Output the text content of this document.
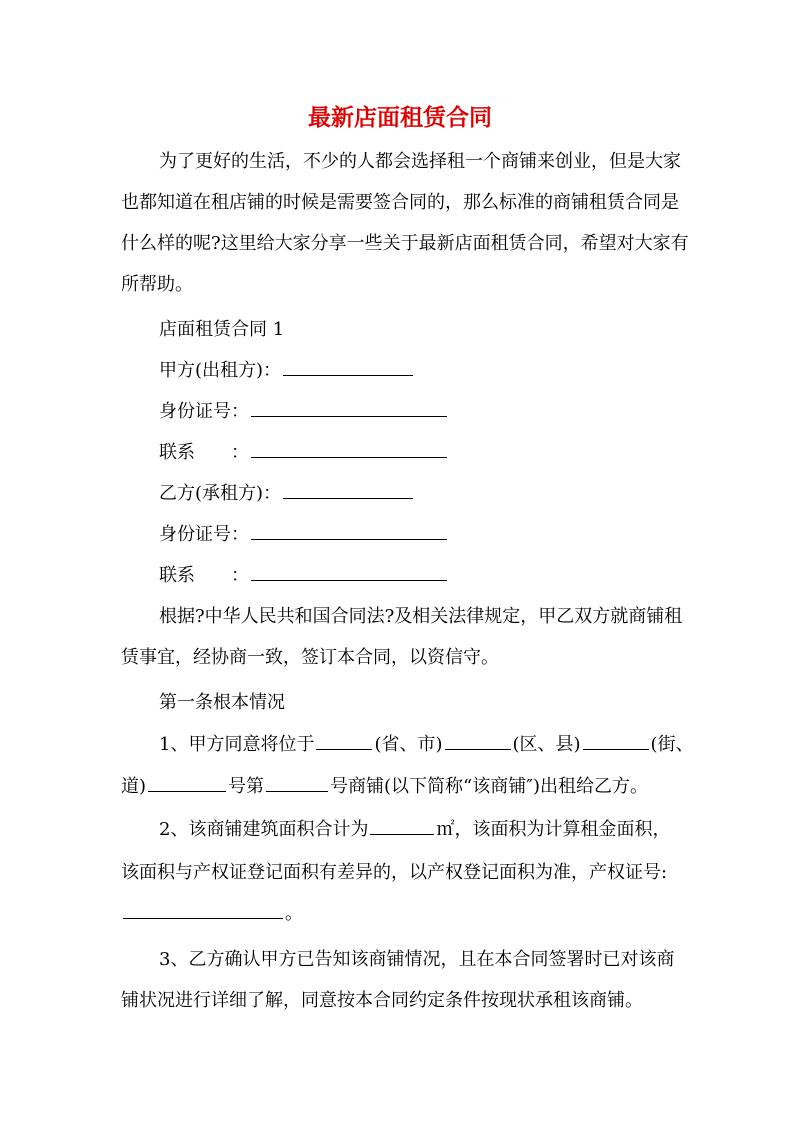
最新店面租赁合同
为了更好的生活，不少的人都会选择租一个商铺来创业，但是大家也都知道在租店铺的时候是需要签合同的，那么标准的商铺租赁合同是什么样的呢?这里给大家分享一些关于最新店面租赁合同，希望对大家有所帮助。
店面租赁合同 1
甲方(出租方)：
身份证号：
联系　　：
乙方(承租方)：
身份证号：
联系　　：
根据?中华人民共和国合同法?及相关法律规定，甲乙双方就商铺租赁事宜，经协商一致，签订本合同，以资信守。
第一条根本情况
1、甲方同意将位于	(省、市)	(区、县)	(街、
道)	号第	号商铺(以下简称“该商铺″)出租给乙方。
2、该商铺建筑面积合计为	㎡，该面积为计算租金面积，
该面积与产权证登记面积有差异的，以产权登记面积为准，产权证号:
。
3、乙方确认甲方已告知该商铺情况，且在本合同签署时已对该商铺状况进行详细了解，同意按本合同约定条件按现状承租该商铺。
